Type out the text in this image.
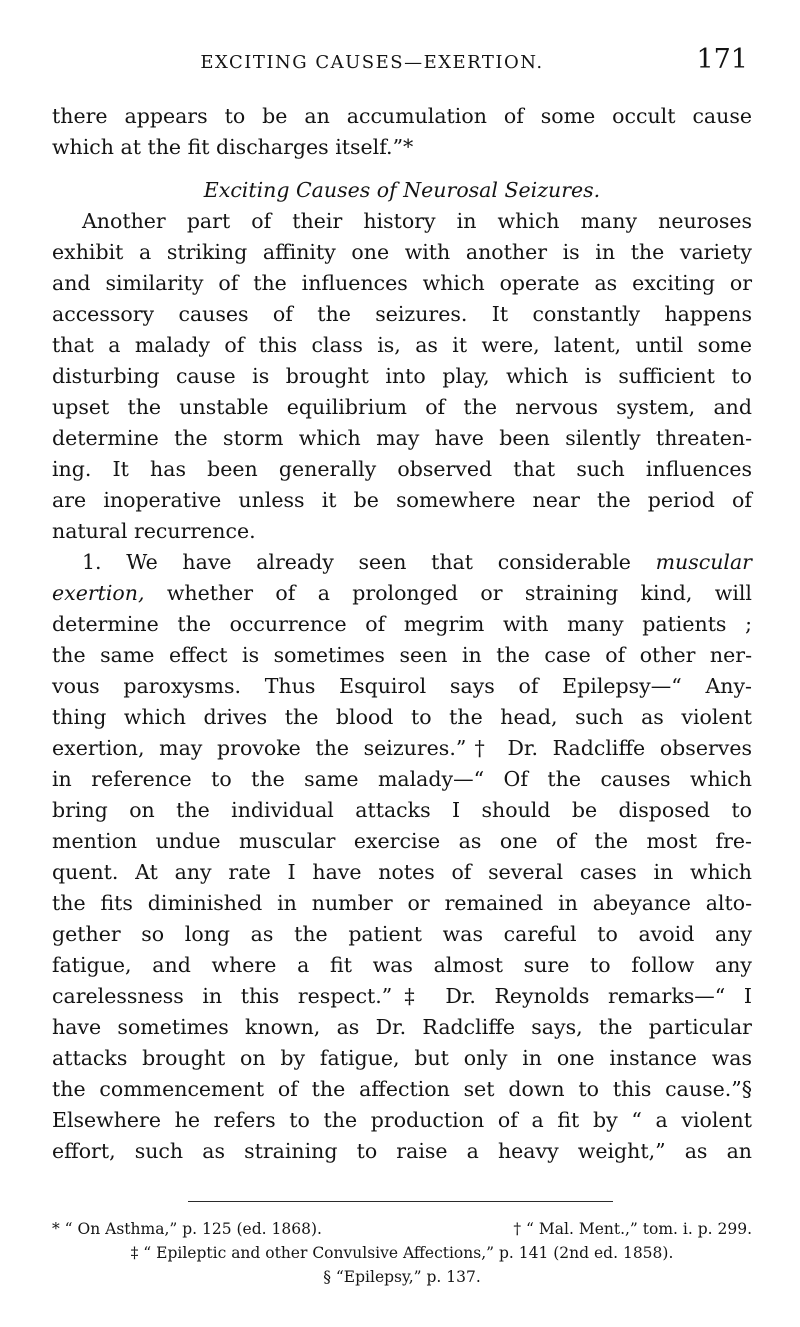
EXCITING CAUSES—EXERTION.	171
there appears to be an accumulation of some occult cause
which at the fit discharges itself.”*
Exciting Causes of Neurosal Seizures.
Another part of their history in which many neuroses
exhibit a striking affinity one with another is in the variety
and similarity of the influences which operate as exciting or
accessory causes of the seizures. It constantly happens
that a malady of this class is, as it were, latent, until some
disturbing cause is brought into play, which is sufficient to
upset the unstable equilibrium of the nervous system, and
determine the storm which may have been silently threaten-
ing. It has been generally observed that such influences
are inoperative unless it be somewhere near the period of
natural recurrence.
1. We have already seen that considerable muscular
exertion, whether of a prolonged or straining kind, will
determine the occurrence of megrim with many patients ;
the same effect is sometimes seen in the case of other ner-
vous paroxysms. Thus Esquirol says of Epilepsy—“ Any-
thing which drives the blood to the head, such as violent
exertion, may provoke the seizures.”† Dr. Radcliffe observes
in reference to the same malady—“ Of the causes which
bring on the individual attacks I should be disposed to
mention undue muscular exercise as one of the most fre-
quent. At any rate I have notes of several cases in which
the fits diminished in number or remained in abeyance alto-
gether so long as the patient was careful to avoid any
fatigue, and where a fit was almost sure to follow any
carelessness in this respect.”‡ Dr. Reynolds remarks—“ I
have sometimes known, as Dr. Radcliffe says, the particular
attacks brought on by fatigue, but only in one instance was
the commencement of the affection set down to this cause.”§
Elsewhere he refers to the production of a fit by “ a violent
effort, such as straining to raise a heavy weight,” as an
* “ On Asthma,” p. 125 (ed. 1868).	† “ Mal. Ment.,” tom. i. p. 299.
‡ “ Epileptic and other Convulsive Affections,” p. 141 (2nd ed. 1858).
§ “Epilepsy,” p. 137.
